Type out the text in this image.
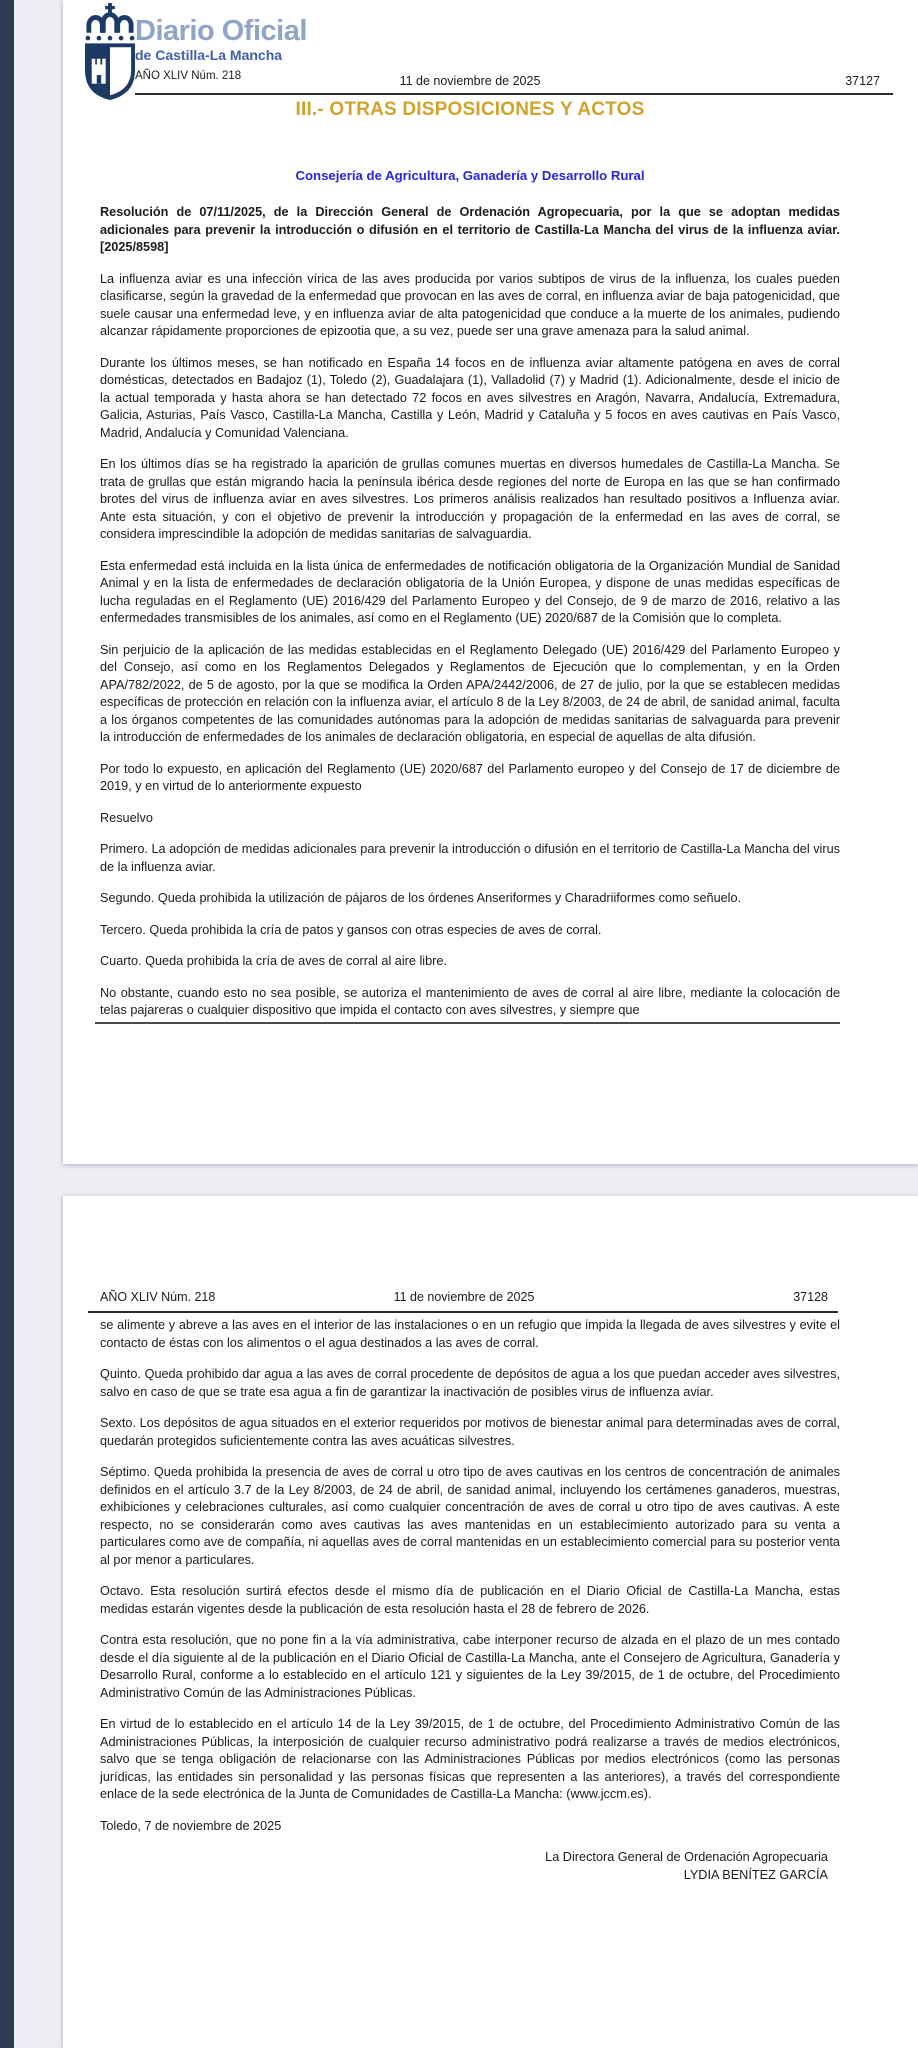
Diario Oficial
de Castilla-La Mancha
AÑO XLIV Núm. 218	11 de noviembre de 2025	37127
III.- OTRAS DISPOSICIONES Y ACTOS
Consejería de Agricultura, Ganadería y Desarrollo Rural

Resolución de 07/11/2025, de la Dirección General de Ordenación Agropecuaria, por la que se adoptan medidas adicionales para prevenir la introducción o difusión en el territorio de Castilla-La Mancha del virus de la influenza aviar. [2025/8598]

La influenza aviar es una infección vírica de las aves producida por varios subtipos de virus de la influenza, los cuales pueden clasificarse, según la gravedad de la enfermedad que provocan en las aves de corral, en influenza aviar de baja patogenicidad, que suele causar una enfermedad leve, y en influenza aviar de alta patogenicidad que conduce a la muerte de los animales, pudiendo alcanzar rápidamente proporciones de epizootia que, a su vez, puede ser una grave amenaza para la salud animal.

Durante los últimos meses, se han notificado en España 14 focos en de influenza aviar altamente patógena en aves de corral domésticas, detectados en Badajoz (1), Toledo (2), Guadalajara (1), Valladolid (7) y Madrid (1). Adicionalmente, desde el inicio de la actual temporada y hasta ahora se han detectado 72 focos en aves silvestres en Aragón, Navarra, Andalucía, Extremadura, Galicia, Asturias, País Vasco, Castilla-La Mancha, Castilla y León, Madrid y Cataluña y 5 focos en aves cautivas en País Vasco, Madrid, Andalucía y Comunidad Valenciana.

En los últimos días se ha registrado la aparición de grullas comunes muertas en diversos humedales de Castilla-La Mancha. Se trata de grullas que están migrando hacia la península ibérica desde regiones del norte de Europa en las que se han confirmado brotes del virus de influenza aviar en aves silvestres. Los primeros análisis realizados han resultado positivos a Influenza aviar. Ante esta situación, y con el objetivo de prevenir la introducción y propagación de la enfermedad en las aves de corral, se considera imprescindible la adopción de medidas sanitarias de salvaguardia.

Esta enfermedad está incluida en la lista única de enfermedades de notificación obligatoria de la Organización Mundial de Sanidad Animal y en la lista de enfermedades de declaración obligatoria de la Unión Europea, y dispone de unas medidas específicas de lucha reguladas en el Reglamento (UE) 2016/429 del Parlamento Europeo y del Consejo, de 9 de marzo de 2016, relativo a las enfermedades transmisibles de los animales, así como en el Reglamento (UE) 2020/687 de la Comisión que lo completa.

Sin perjuicio de la aplicación de las medidas establecidas en el Reglamento Delegado (UE) 2016/429 del Parlamento Europeo y del Consejo, así como en los Reglamentos Delegados y Reglamentos de Ejecución que lo complementan, y en la Orden APA/782/2022, de 5 de agosto, por la que se modifica la Orden APA/2442/2006, de 27 de julio, por la que se establecen medidas específicas de protección en relación con la influenza aviar, el artículo 8 de la Ley 8/2003, de 24 de abril, de sanidad animal, faculta a los órganos competentes de las comunidades autónomas para la adopción de medidas sanitarias de salvaguarda para prevenir la introducción de enfermedades de los animales de declaración obligatoria, en especial de aquellas de alta difusión.

Por todo lo expuesto, en aplicación del Reglamento (UE) 2020/687 del Parlamento europeo y del Consejo de 17 de diciembre de 2019, y en virtud de lo anteriormente expuesto

Resuelvo

Primero. La adopción de medidas adicionales para prevenir la introducción o difusión en el territorio de Castilla-La Mancha del virus de la influenza aviar.

Segundo. Queda prohibida la utilización de pájaros de los órdenes Anseriformes y Charadriiformes como señuelo.

Tercero. Queda prohibida la cría de patos y gansos con otras especies de aves de corral.

Cuarto. Queda prohibida la cría de aves de corral al aire libre.

No obstante, cuando esto no sea posible, se autoriza el mantenimiento de aves de corral al aire libre, mediante la colocación de telas pajareras o cualquier dispositivo que impida el contacto con aves silvestres, y siempre que

AÑO XLIV Núm. 218	11 de noviembre de 2025	37128

se alimente y abreve a las aves en el interior de las instalaciones o en un refugio que impida la llegada de aves silvestres y evite el contacto de éstas con los alimentos o el agua destinados a las aves de corral.

Quinto. Queda prohibido dar agua a las aves de corral procedente de depósitos de agua a los que puedan acceder aves silvestres, salvo en caso de que se trate esa agua a fin de garantizar la inactivación de posibles virus de influenza aviar.

Sexto. Los depósitos de agua situados en el exterior requeridos por motivos de bienestar animal para determinadas aves de corral, quedarán protegidos suficientemente contra las aves acuáticas silvestres.

Séptimo. Queda prohibida la presencia de aves de corral u otro tipo de aves cautivas en los centros de concentración de animales definidos en el artículo 3.7 de la Ley 8/2003, de 24 de abril, de sanidad animal, incluyendo los certámenes ganaderos, muestras, exhibiciones y celebraciones culturales, así como cualquier concentración de aves de corral u otro tipo de aves cautivas. A este respecto, no se considerarán como aves cautivas las aves mantenidas en un establecimiento autorizado para su venta a particulares como ave de compañía, ni aquellas aves de corral mantenidas en un establecimiento comercial para su posterior venta al por menor a particulares.

Octavo. Esta resolución surtirá efectos desde el mismo día de publicación en el Diario Oficial de Castilla-La Mancha, estas medidas estarán vigentes desde la publicación de esta resolución hasta el 28 de febrero de 2026.

Contra esta resolución, que no pone fin a la vía administrativa, cabe interponer recurso de alzada en el plazo de un mes contado desde el día siguiente al de la publicación en el Diario Oficial de Castilla-La Mancha, ante el Consejero de Agricultura, Ganadería y Desarrollo Rural, conforme a lo establecido en el artículo 121 y siguientes de la Ley 39/2015, de 1 de octubre, del Procedimiento Administrativo Común de las Administraciones Públicas.

En virtud de lo establecido en el artículo 14 de la Ley 39/2015, de 1 de octubre, del Procedimiento Administrativo Común de las Administraciones Públicas, la interposición de cualquier recurso administrativo podrá realizarse a través de medios electrónicos, salvo que se tenga obligación de relacionarse con las Administraciones Públicas por medios electrónicos (como las personas jurídicas, las entidades sin personalidad y las personas físicas que representen a las anteriores), a través del correspondiente enlace de la sede electrónica de la Junta de Comunidades de Castilla-La Mancha: (www.jccm.es).

Toledo, 7 de noviembre de 2025

La Directora General de Ordenación Agropecuaria
LYDIA BENÍTEZ GARCÍA
